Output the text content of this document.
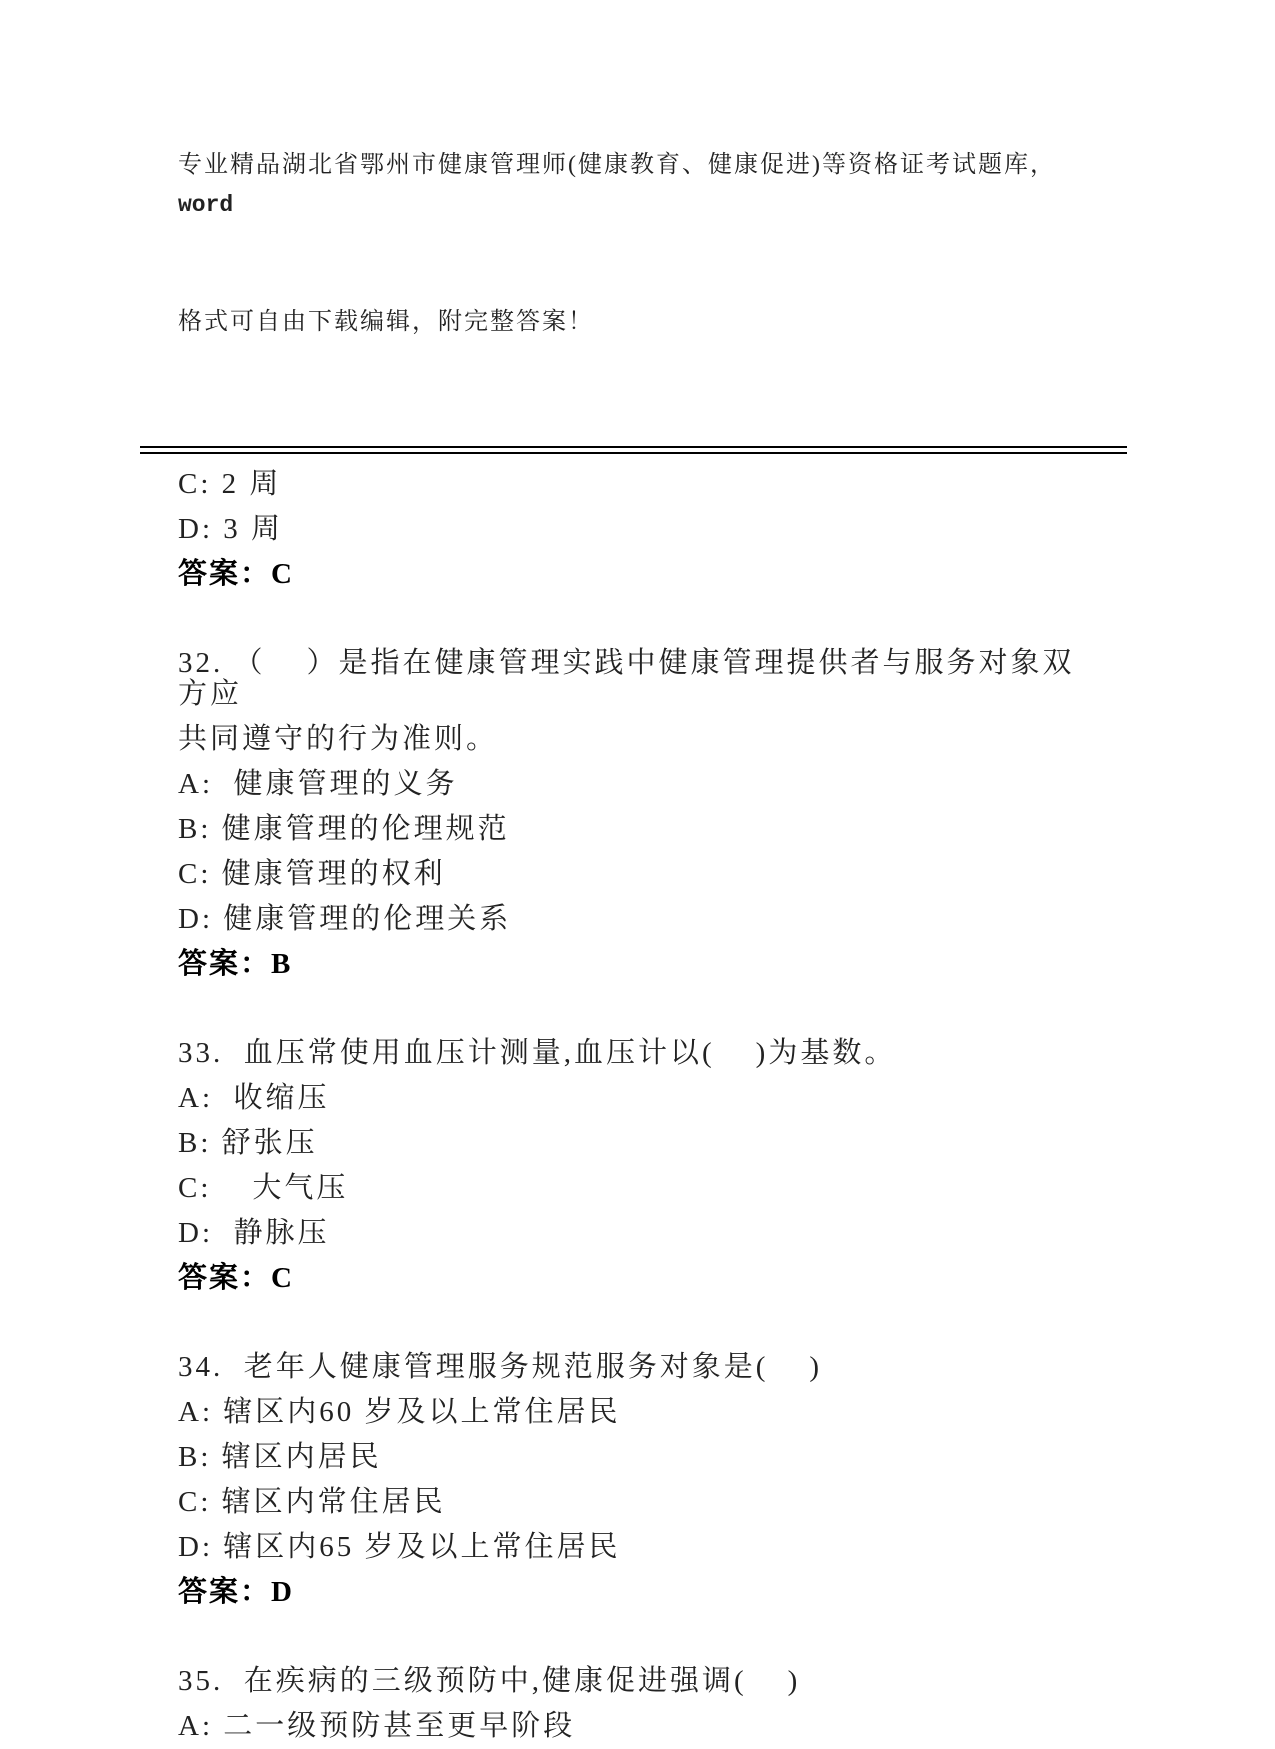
专业精品湖北省鄂州市健康管理师(健康教育、健康促进)等资格证考试题库，word

格式可自由下载编辑，附完整答案！

C: 2 周
D: 3 周
答案：C
32. （    ）是指在健康管理实践中健康管理提供者与服务对象双方应
共同遵守的行为准则。
A:  健康管理的义务
B: 健康管理的伦理规范
C: 健康管理的权利
D: 健康管理的伦理关系
答案：B
33.  血压常使用血压计测量,血压计以(    )为基数。
A:  收缩压
B: 舒张压
C:    大气压
D:  静脉压
答案：C
34.  老年人健康管理服务规范服务对象是(    )
A: 辖区内60 岁及以上常住居民
B: 辖区内居民
C: 辖区内常住居民
D: 辖区内65 岁及以上常住居民
答案：D
35.  在疾病的三级预防中,健康促进强调(    )
A: 二一级预防甚至更早阶段
